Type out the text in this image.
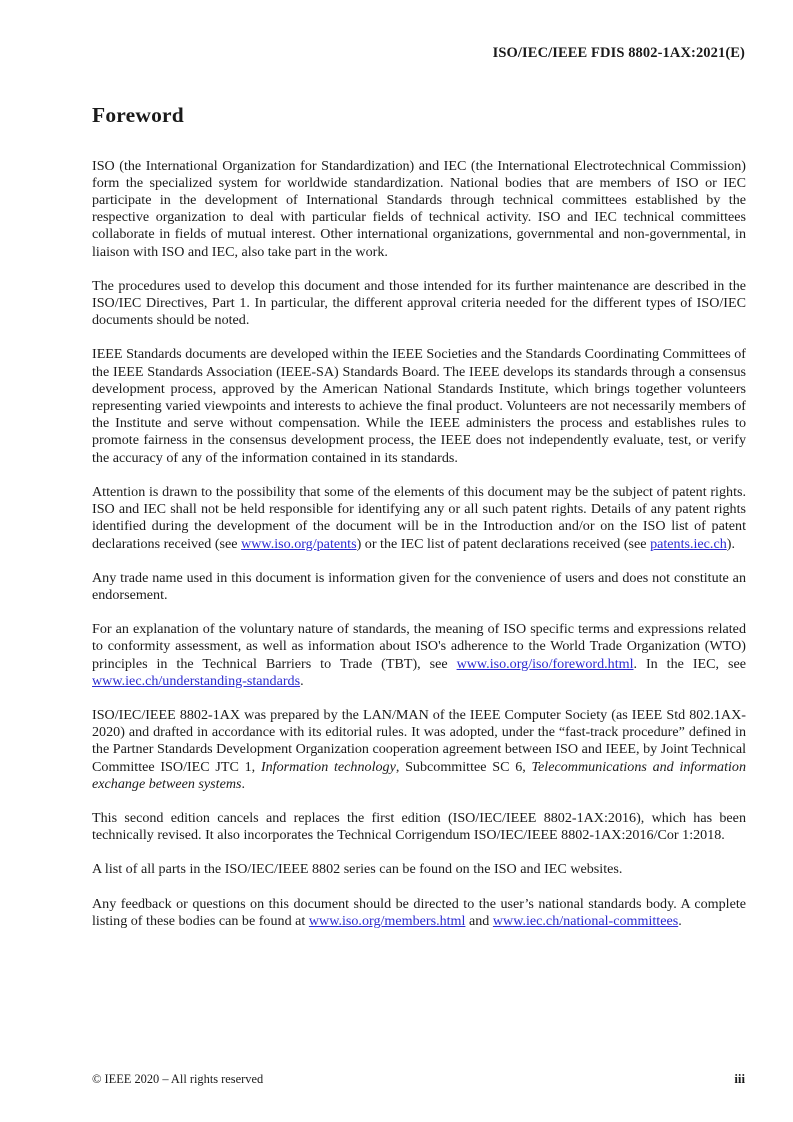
ISO/IEC/IEEE FDIS 8802-1AX:2021(E)
Foreword

ISO (the International Organization for Standardization) and IEC (the International Electrotechnical Commission) form the specialized system for worldwide standardization. National bodies that are members of ISO or IEC participate in the development of International Standards through technical committees established by the respective organization to deal with particular fields of technical activity. ISO and IEC technical committees collaborate in fields of mutual interest. Other international organizations, governmental and non-governmental, in liaison with ISO and IEC, also take part in the work.

The procedures used to develop this document and those intended for its further maintenance are described in the ISO/IEC Directives, Part 1. In particular, the different approval criteria needed for the different types of ISO/IEC documents should be noted.

IEEE Standards documents are developed within the IEEE Societies and the Standards Coordinating Committees of the IEEE Standards Association (IEEE-SA) Standards Board. The IEEE develops its standards through a consensus development process, approved by the American National Standards Institute, which brings together volunteers representing varied viewpoints and interests to achieve the final product. Volunteers are not necessarily members of the Institute and serve without compensation. While the IEEE administers the process and establishes rules to promote fairness in the consensus development process, the IEEE does not independently evaluate, test, or verify the accuracy of any of the information contained in its standards.

Attention is drawn to the possibility that some of the elements of this document may be the subject of patent rights. ISO and IEC shall not be held responsible for identifying any or all such patent rights. Details of any patent rights identified during the development of the document will be in the Introduction and/or on the ISO list of patent declarations received (see www.iso.org/patents) or the IEC list of patent declarations received (see patents.iec.ch).

Any trade name used in this document is information given for the convenience of users and does not constitute an endorsement.

For an explanation of the voluntary nature of standards, the meaning of ISO specific terms and expressions related to conformity assessment, as well as information about ISO's adherence to the World Trade Organization (WTO) principles in the Technical Barriers to Trade (TBT), see www.iso.org/iso/foreword.html. In the IEC, see www.iec.ch/understanding-standards.

ISO/IEC/IEEE 8802-1AX was prepared by the LAN/MAN of the IEEE Computer Society (as IEEE Std 802.1AX-2020) and drafted in accordance with its editorial rules. It was adopted, under the “fast-track procedure” defined in the Partner Standards Development Organization cooperation agreement between ISO and IEEE, by Joint Technical Committee ISO/IEC JTC 1, Information technology, Subcommittee SC 6, Telecommunications and information exchange between systems.

This second edition cancels and replaces the first edition (ISO/IEC/IEEE 8802-1AX:2016), which has been technically revised. It also incorporates the Technical Corrigendum ISO/IEC/IEEE 8802-1AX:2016/Cor 1:2018.

A list of all parts in the ISO/IEC/IEEE 8802 series can be found on the ISO and IEC websites.

Any feedback or questions on this document should be directed to the user’s national standards body. A complete listing of these bodies can be found at www.iso.org/members.html and www.iec.ch/national-committees.

© IEEE 2020 – All rights reserved	iii
